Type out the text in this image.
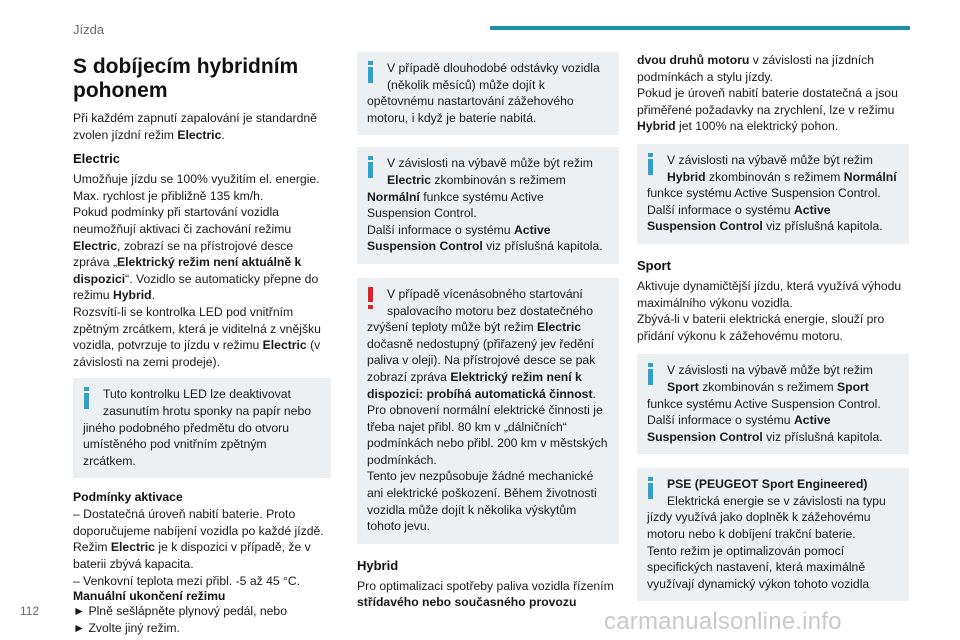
Jízda
S dobíjecím hybridním pohonem

Při každém zapnutí zapalování je standardně zvolen jízdní režim Electric.

Electric

Umožňuje jízdu se 100% využitím el. energie.
Max. rychlost je přibližně 135 km/h.
Pokud podmínky při startování vozidla neumožňují aktivaci či zachování režimu Electric, zobrazí se na přístrojové desce zpráva „Elektrický režim není aktuálně k dispozici“. Vozidlo se automaticky přepne do režimu Hybrid.
Rozsvítí-li se kontrolka LED pod vnitřním zpětným zrcátkem, která je viditelná z vnějšku vozidla, potvrzuje to jízdu v režimu Electric (v závislosti na zemi prodeje).

Tuto kontrolku LED lze deaktivovat
zasunutím hrotu sponky na papír nebo jiného podobného předmětu do otvoru umístěného pod vnitřním zpětným zrcátkem.
Podmínky aktivace

– Dostatečná úroveň nabití baterie. Proto doporučujeme nabíjení vozidla po každé jízdě. Režim Electric je k dispozici v případě, že v baterii zbývá kapacita.
– Venkovní teplota mezi přibl. -5 až 45 °C.

Manuální ukončení režimu

► Plně sešlápněte plynový pedál, nebo
► Zvolte jiný režim.

V případě dlouhodobé odstávky vozidla
(několik měsíců) může dojít k opětovnému nastartování zážehového motoru, i když je baterie nabitá.
V závislosti na výbavě může být režim
Electric zkombinován s režimem Normální funkce systému Active Suspension Control.
Další informace o systému Active Suspension Control viz příslušná kapitola.
V případě vícenásobného startování
spalovacího motoru bez dostatečného zvýšení teploty může být režim Electric dočasně nedostupný (přiřazený jev ředění paliva v oleji). Na přístrojové desce se pak zobrazí zpráva Elektrický režim není k dispozici: probíhá automatická činnost.
Pro obnovení normální elektrické činnosti je třeba najet přibl. 80 km v „dálničních“ podmínkách nebo přibl. 200 km v městských podmínkách.
Tento jev nezpůsobuje žádné mechanické ani elektrické poškození. Během životnosti vozidla může dojít k několika výskytům tohoto jevu.
Hybrid

Pro optimalizaci spotřeby paliva vozidla řízením střídavého nebo současného provozu

dvou druhů motoru v závislosti na jízdních podmínkách a stylu jízdy.
Pokud je úroveň nabití baterie dostatečná a jsou přiměřené požadavky na zrychlení, lze v režimu Hybrid jet 100% na elektrický pohon.

V závislosti na výbavě může být režim
Hybrid zkombinován s režimem Normální funkce systému Active Suspension Control.
Další informace o systému Active Suspension Control viz příslušná kapitola.
Sport

Aktivuje dynamičtější jízdu, která využívá výhodu maximálního výkonu vozidla.
Zbývá-li v baterii elektrická energie, slouží pro přidání výkonu k zážehovému motoru.

V závislosti na výbavě může být režim
Sport zkombinován s režimem Sport funkce systému Active Suspension Control.
Další informace o systému Active Suspension Control viz příslušná kapitola.
PSE (PEUGEOT Sport Engineered)
Elektrická energie se v závislosti na typu jízdy využívá jako doplněk k zážehovému motoru nebo k dobíjení trakční baterie.
Tento režim je optimalizován pomocí specifických nastavení, která maximálně využívají dynamický výkon tohoto vozidla
112	carmanualsonline.info
